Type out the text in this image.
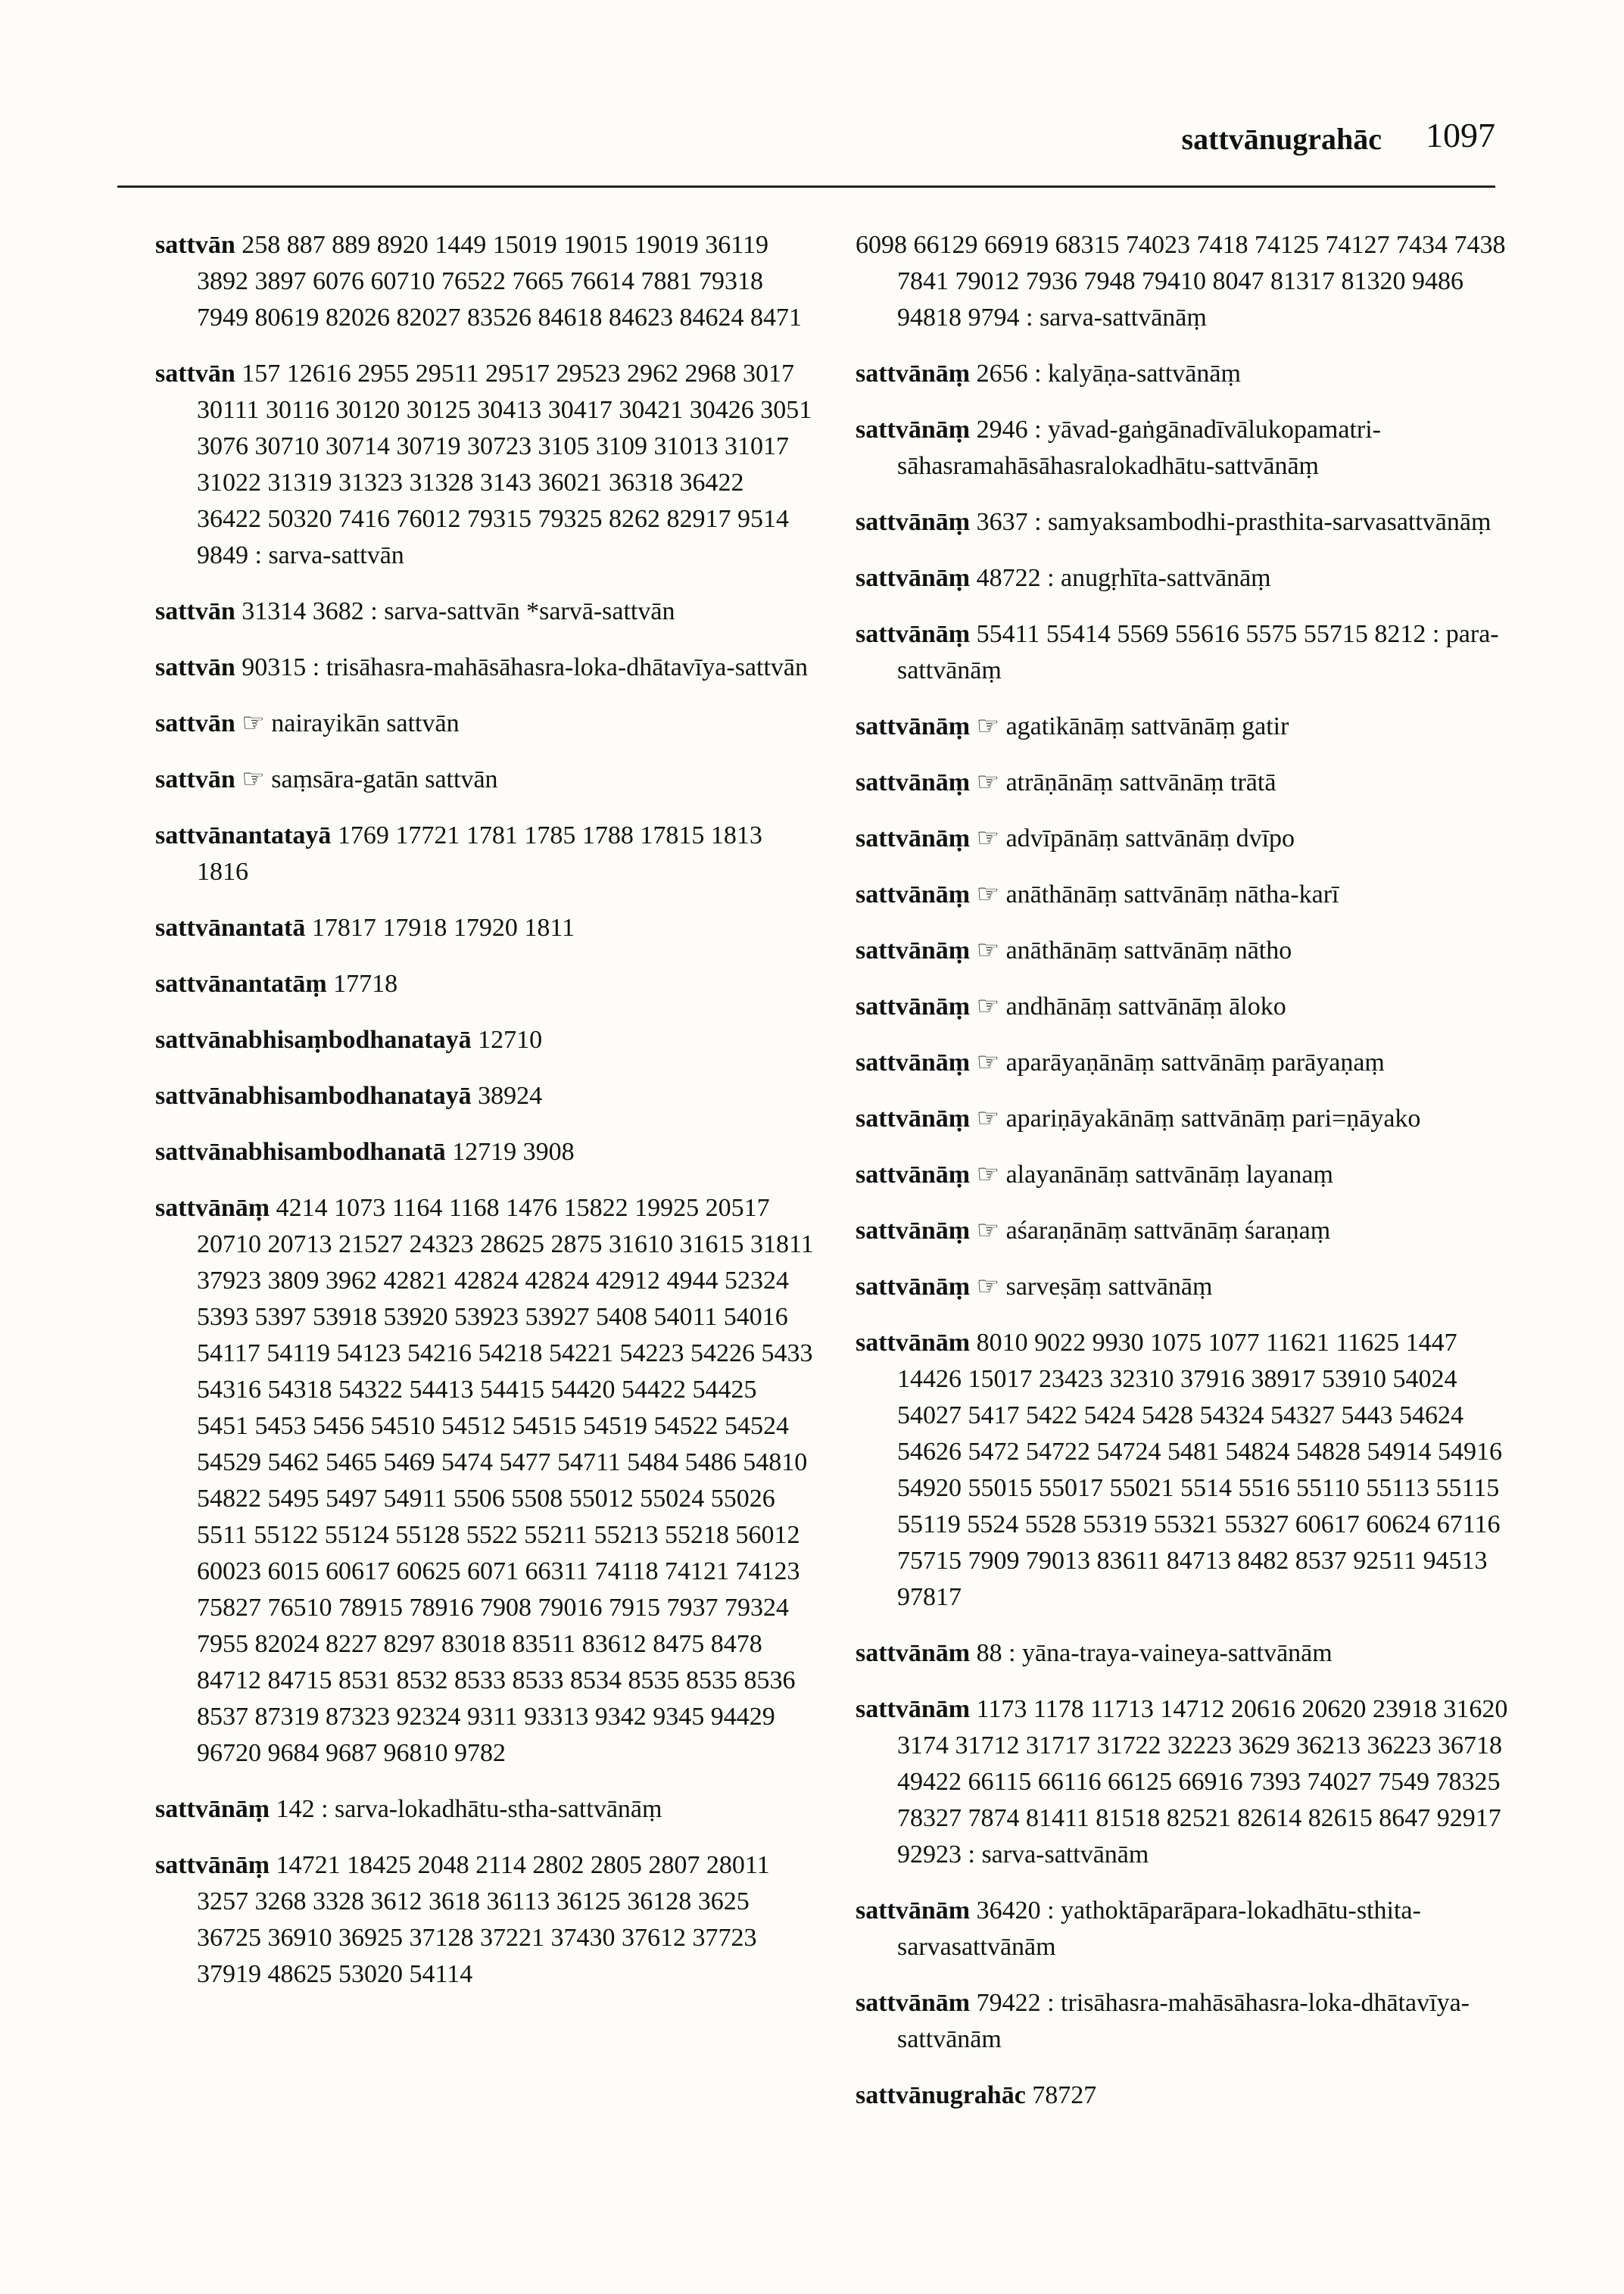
sattvānugrahāc 1097
sattvān 258 887 889 8920 1449 15019 19015 19019 36119 3892 3897 6076 60710 76522 7665 76614 7881 79318 7949 80619 82026 82027 83526 84618 84623 84624 8471
sattvān 157 12616 2955 29511 29517 29523 2962 2968 3017 30111 30116 30120 30125 30413 30417 30421 30426 3051 3076 30710 30714 30719 30723 3105 3109 31013 31017 31022 31319 31323 31328 3143 36021 36318 36422 36422 50320 7416 76012 79315 79325 8262 82917 9514 9849 : sarva-sattvān
sattvān 31314 3682 : sarva-sattvān *sarvā-sattvān
sattvān 90315 : trisāhasra-mahāsāhasra-loka-dhātavīya-sattvān
sattvān ☞ nairayikān sattvān
sattvān ☞ saṃsāra-gatān sattvān
sattvānantatayā 1769 17721 1781 1785 1788 17815 1813 1816
sattvānantatā 17817 17918 17920 1811
sattvānantatāṃ 17718
sattvānabhisaṃbodhanatayā 12710
sattvānabhisambodhanatayā 38924
sattvānabhisambodhanatā 12719 3908
sattvānāṃ 4214 1073 1164 1168 1476 15822 19925 20517 20710 20713 21527 24323 28625 2875 31610 31615 31811 37923 3809 3962 42821 42824 42824 42912 4944 52324 5393 5397 53918 53920 53923 53927 5408 54011 54016 54117 54119 54123 54216 54218 54221 54223 54226 5433 54316 54318 54322 54413 54415 54420 54422 54425 5451 5453 5456 54510 54512 54515 54519 54522 54524 54529 5462 5465 5469 5474 5477 54711 5484 5486 54810 54822 5495 5497 54911 5506 5508 55012 55024 55026 5511 55122 55124 55128 5522 55211 55213 55218 56012 60023 6015 60617 60625 6071 66311 74118 74121 74123 75827 76510 78915 78916 7908 79016 7915 7937 79324 7955 82024 8227 8297 83018 83511 83612 8475 8478 84712 84715 8531 8532 8533 8533 8534 8535 8535 8536 8537 87319 87323 92324 9311 93313 9342 9345 94429 96720 9684 9687 96810 9782
sattvānāṃ 142 : sarva-lokadhātu-stha-sattvānāṃ
sattvānāṃ 14721 18425 2048 2114 2802 2805 2807 28011 3257 3268 3328 3612 3618 36113 36125 36128 3625 36725 36910 36925 37128 37221 37430 37612 37723 37919 48625 53020 54114
6098 66129 66919 68315 74023 7418 74125 74127 7434 7438 7841 79012 7936 7948 79410 8047 81317 81320 9486 94818 9794 : sarva-sattvānāṃ
sattvānāṃ 2656 : kalyāṇa-sattvānāṃ
sattvānāṃ 2946 : yāvad-gaṅgānadīvālukopamatri-sāhasramahāsāhasralokadhātu-sattvānāṃ
sattvānāṃ 3637 : samyaksambodhi-prasthita-sarvasattvānāṃ
sattvānāṃ 48722 : anugṛhīta-sattvānāṃ
sattvānāṃ 55411 55414 5569 55616 5575 55715 8212 : para-sattvānāṃ
sattvānāṃ ☞ agatikānāṃ sattvānāṃ gatir
sattvānāṃ ☞ atrāṇānāṃ sattvānāṃ trātā
sattvānāṃ ☞ advīpānāṃ sattvānāṃ dvīpo
sattvānāṃ ☞ anāthānāṃ sattvānāṃ nātha-karī
sattvānāṃ ☞ anāthānāṃ sattvānāṃ nātho
sattvānāṃ ☞ andhānāṃ sattvānāṃ āloko
sattvānāṃ ☞ aparāyaṇānāṃ sattvānāṃ parāyaṇaṃ
sattvānāṃ ☞ apariṇāyakānāṃ sattvānāṃ pari=ṇāyako
sattvānāṃ ☞ alayanānāṃ sattvānāṃ layanaṃ
sattvānāṃ ☞ aśaraṇānāṃ sattvānāṃ śaraṇaṃ
sattvānāṃ ☞ sarveṣāṃ sattvānāṃ
sattvānām 8010 9022 9930 1075 1077 11621 11625 1447 14426 15017 23423 32310 37916 38917 53910 54024 54027 5417 5422 5424 5428 54324 54327 5443 54624 54626 5472 54722 54724 5481 54824 54828 54914 54916 54920 55015 55017 55021 5514 5516 55110 55113 55115 55119 5524 5528 55319 55321 55327 60617 60624 67116 75715 7909 79013 83611 84713 8482 8537 92511 94513 97817
sattvānām 88 : yāna-traya-vaineya-sattvānām
sattvānām 1173 1178 11713 14712 20616 20620 23918 31620 3174 31712 31717 31722 32223 3629 36213 36223 36718 49422 66115 66116 66125 66916 7393 74027 7549 78325 78327 7874 81411 81518 82521 82614 82615 8647 92917 92923 : sarva-sattvānām
sattvānām 36420 : yathoktāparāpara-lokadhātu-sthita-sarvasattvānām
sattvānām 79422 : trisāhasra-mahāsāhasra-loka-dhātavīya-sattvānām
sattvānugrahāc 78727
